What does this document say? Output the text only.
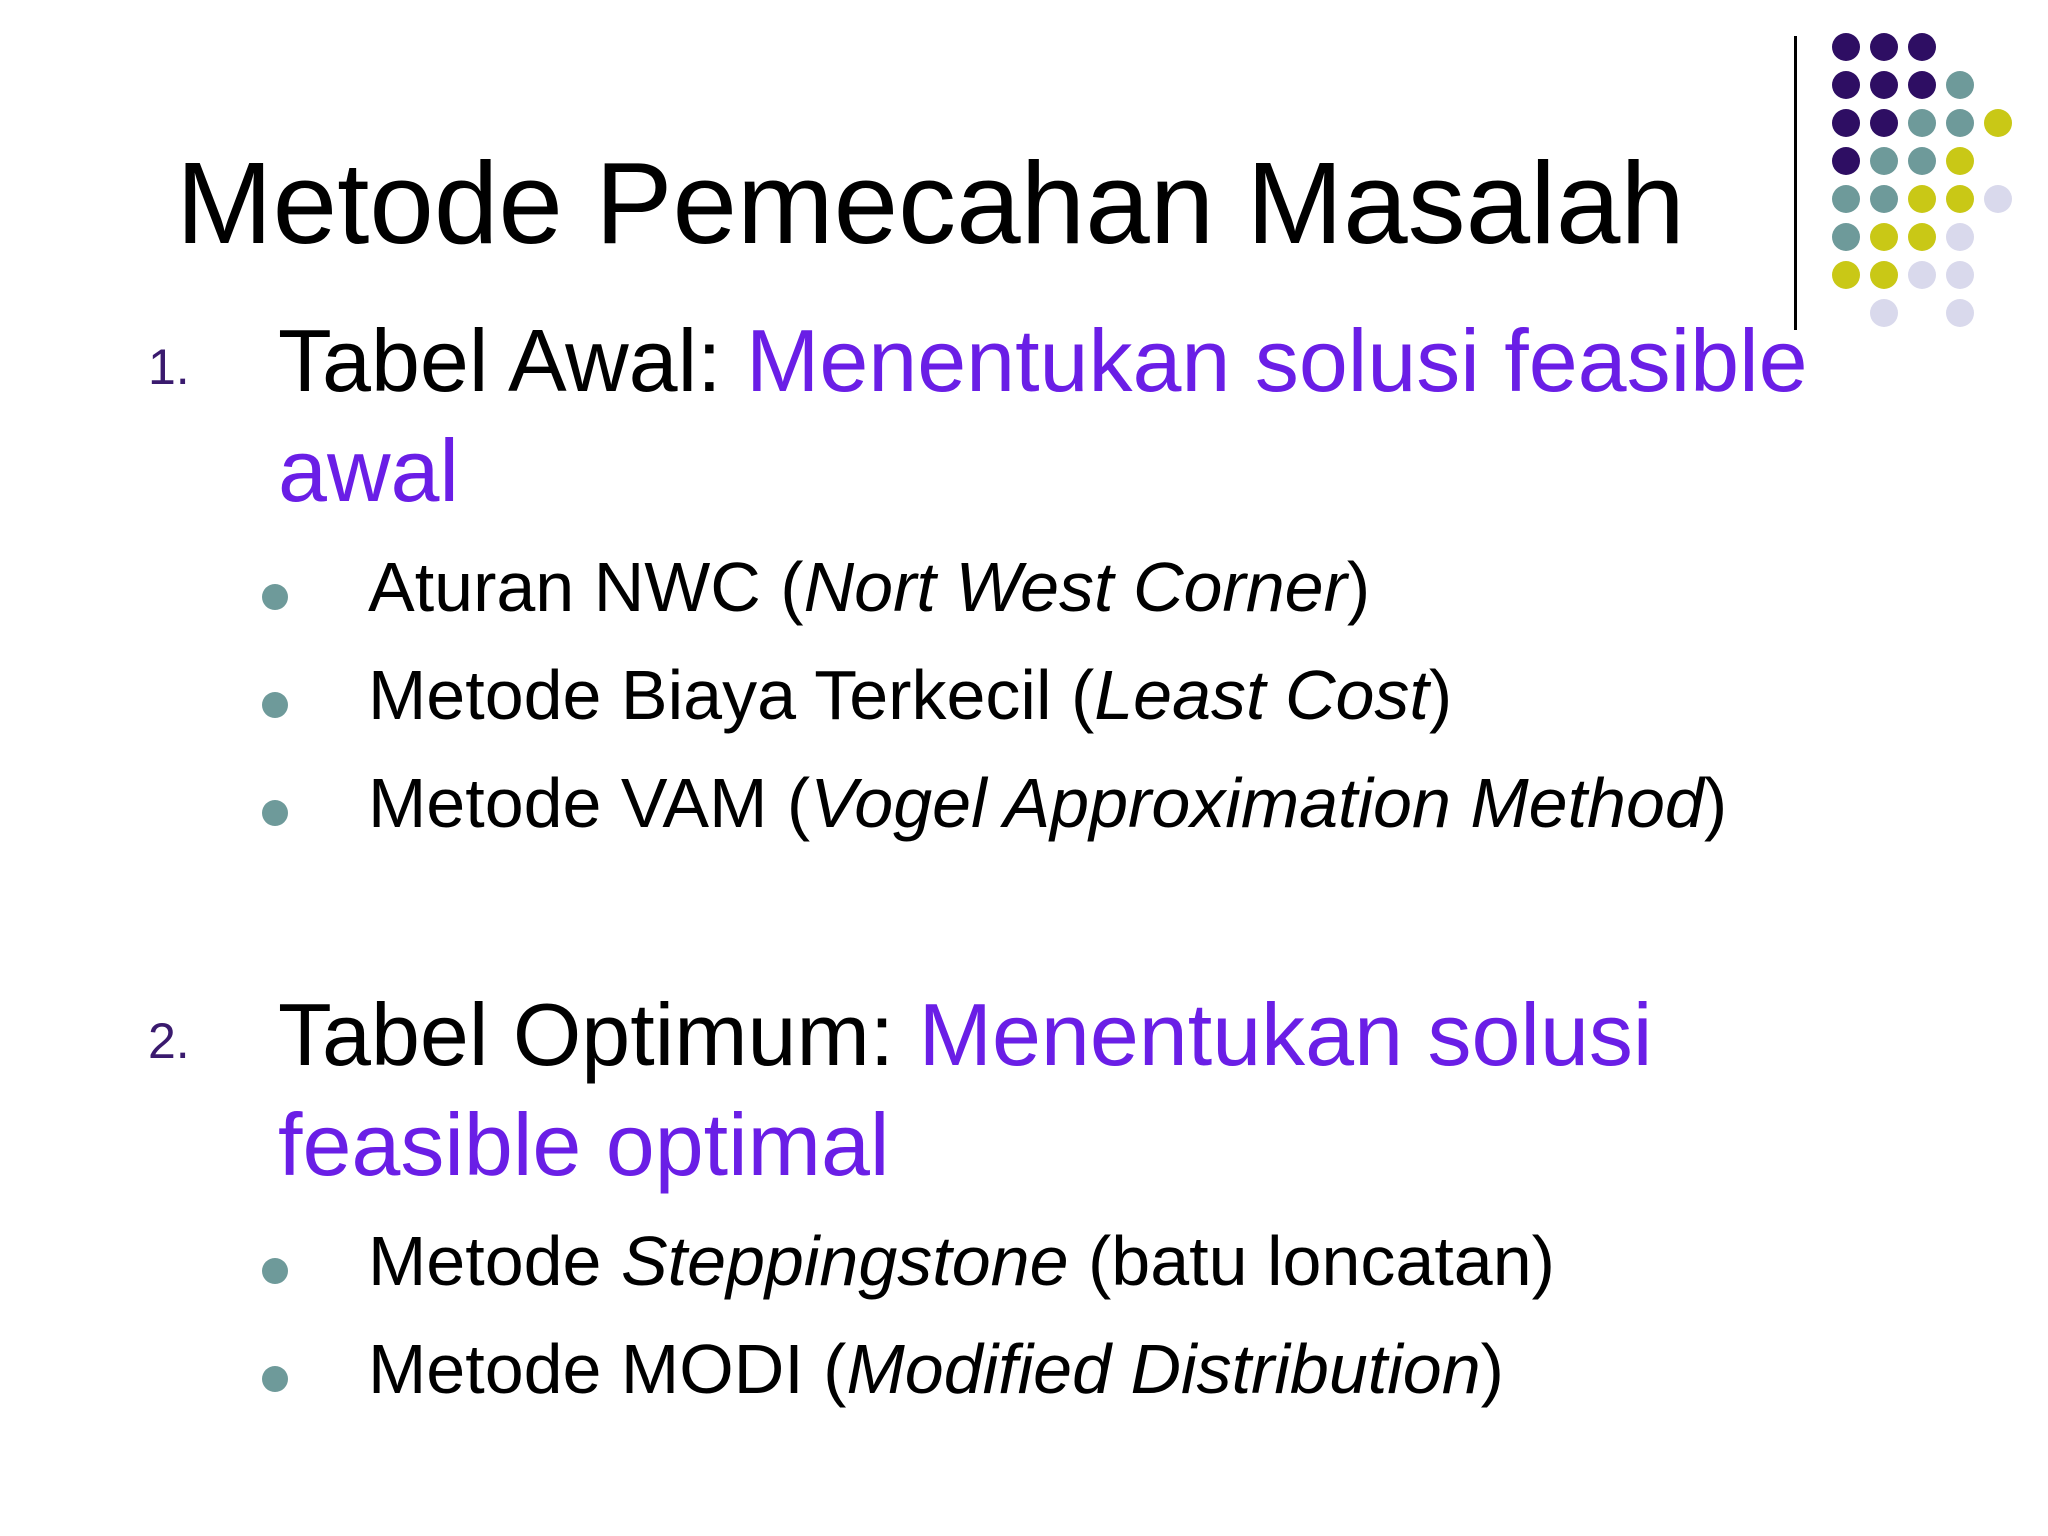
Metode Pemecahan Masalah
1. Tabel Awal: Menentukan solusi feasible awal

Aturan NWC (Nort West Corner)
Metode Biaya Terkecil (Least Cost)
Metode VAM (Vogel Approximation Method)
2. Tabel Optimum: Menentukan solusi feasible optimal

Metode Steppingstone (batu loncatan)
Metode MODI (Modified Distribution)
